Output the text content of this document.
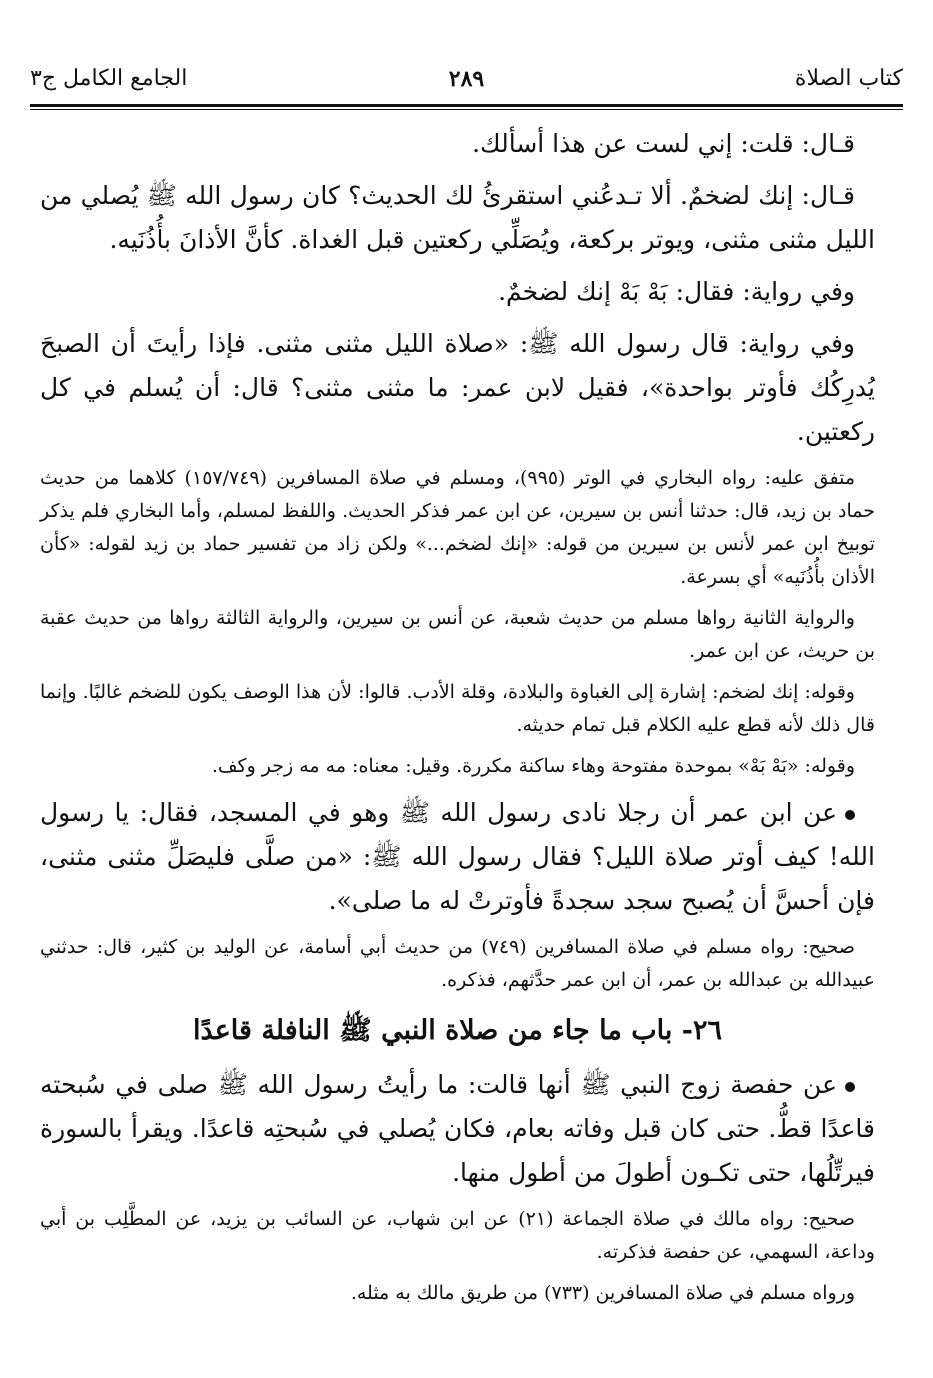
كتاب الصلاة
٢٨٩
الجامع الكامل ج٣

قـال: قلت: إني لست عن هذا أسألك.

قـال: إنك لضخمٌ. ألا تـدعُني استقرئُ لك الحديث؟ كان رسول الله ﷺ يُصلي من الليل مثنى مثنى، ويوتر بركعة، ويُصَلِّي ركعتين قبل الغداة. كأنَّ الأذانَ بأُذُنَيه.

وفي رواية: فقال: بَهْ بَهْ إنك لضخمٌ.

وفي رواية: قال رسول الله ﷺ: «صلاة الليل مثنى مثنى. فإذا رأيتَ أن الصبحَ يُدرِكُك فأوتر بواحدة»، فقيل لابن عمر: ما مثنى مثنى؟ قال: أن يُسلم في كل ركعتين.

متفق عليه: رواه البخاري في الوتر (٩٩٥)، ومسلم في صلاة المسافرين (١٥٧/٧٤٩) كلاهما من حديث حماد بن زيد، قال: حدثنا أنس بن سيرين، عن ابن عمر فذكر الحديث. واللفظ لمسلم، وأما البخاري فلم يذكر توبيخ ابن عمر لأنس بن سيرين من قوله: «إنك لضخم...» ولكن زاد من تفسير حماد بن زيد لقوله: «كأن الأذان بأُذُنَيه» أي بسرعة.

والرواية الثانية رواها مسلم من حديث شعبة، عن أنس بن سيرين، والرواية الثالثة رواها من حديث عقبة بن حريث، عن ابن عمر.

وقوله: إنك لضخم: إشارة إلى الغباوة والبلادة، وقلة الأدب. قالوا: لأن هذا الوصف يكون للضخم غالبًا. وإنما قال ذلك لأنه قطع عليه الكلام قبل تمام حديثه.

وقوله: «بَهْ بَهْ» بموحدة مفتوحة وهاء ساكنة مكررة. وقيل: معناه: مه مه زجر وكف.

عن ابن عمر أن رجلا نادى رسول الله ﷺ وهو في المسجد، فقال: يا رسول الله! كيف أوتر صلاة الليل؟ فقال رسول الله ﷺ: «من صلَّى فليصَلِّ مثنى مثنى، فإن أحسَّ أن يُصبح سجد سجدةً فأوترتْ له ما صلى».

صحيح: رواه مسلم في صلاة المسافرين (٧٤٩) من حديث أبي أسامة، عن الوليد بن كثير، قال: حدثني عبيدالله بن عبدالله بن عمر، أن ابن عمر حدَّثهم، فذكره.

٢٦- باب ما جاء من صلاة النبي ﷺ النافلة قاعدًا

عن حفصة زوج النبي ﷺ أنها قالت: ما رأيتُ رسول الله ﷺ صلى في سُبحته قاعدًا قطُّ. حتى كان قبل وفاته بعام، فكان يُصلي في سُبحتِه قاعدًا. ويقرأ بالسورة فيرتِّلُها، حتى تكـون أطولَ من أطول منها.

صحيح: رواه مالك في صلاة الجماعة (٢١) عن ابن شهاب، عن السائب بن يزيد، عن المطَّلِب بن أبي وداعة، السهمي، عن حفصة فذكرته.

ورواه مسلم في صلاة المسافرين (٧٣٣) من طريق مالك به مثله.
